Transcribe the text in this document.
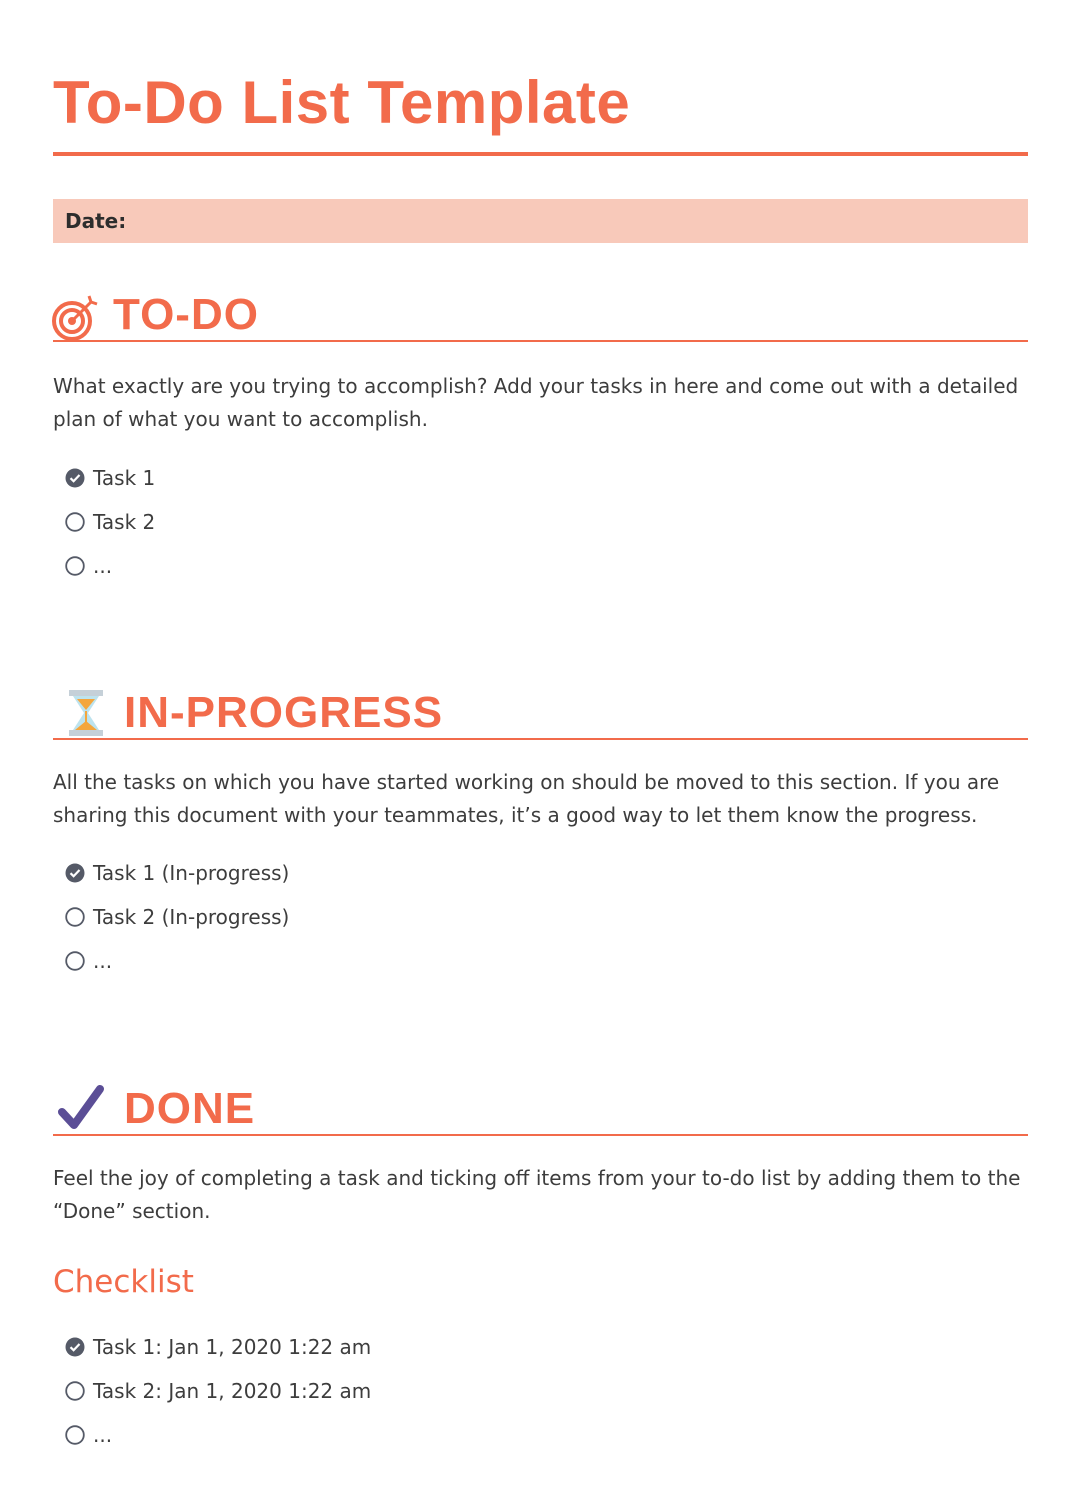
To-Do List Template
Date:
TO-DO
What exactly are you trying to accomplish? Add your tasks in here and come out with a detailed plan of what you want to accomplish.
Task 1
Task 2
...
IN-PROGRESS
All the tasks on which you have started working on should be moved to this section. If you are sharing this document with your teammates, it’s a good way to let them know the progress.
Task 1 (In-progress)
Task 2 (In-progress)
...
DONE
Feel the joy of completing a task and ticking off items from your to-do list by adding them to the “Done” section.
Checklist
Task 1: Jan 1, 2020 1:22 am
Task 2: Jan 1, 2020 1:22 am
...
